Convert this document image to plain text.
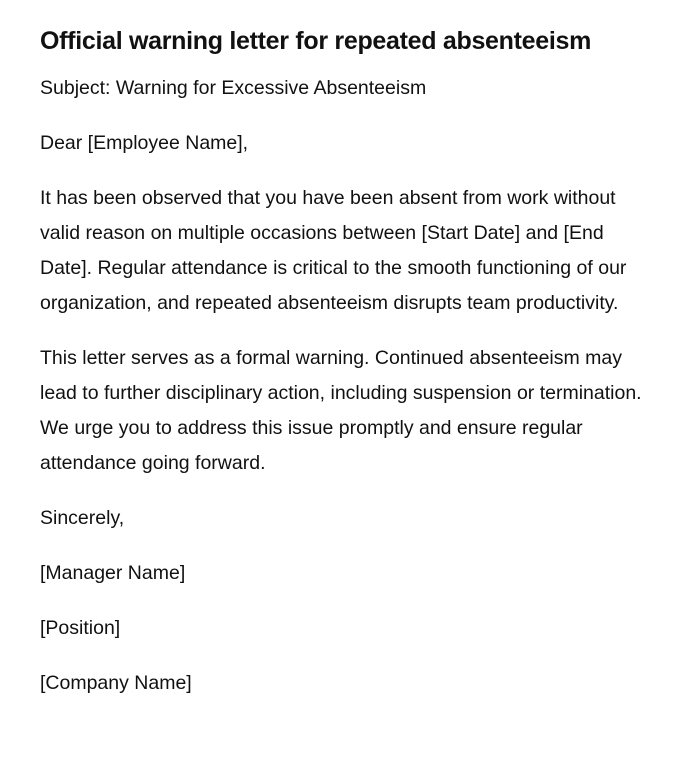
Official warning letter for repeated absenteeism

Subject: Warning for Excessive Absenteeism

Dear [Employee Name],

It has been observed that you have been absent from work without valid reason on multiple occasions between [Start Date] and [End Date]. Regular attendance is critical to the smooth functioning of our organization, and repeated absenteeism disrupts team productivity.

This letter serves as a formal warning. Continued absenteeism may lead to further disciplinary action, including suspension or termination. We urge you to address this issue promptly and ensure regular attendance going forward.

Sincerely,

[Manager Name]

[Position]

[Company Name]
